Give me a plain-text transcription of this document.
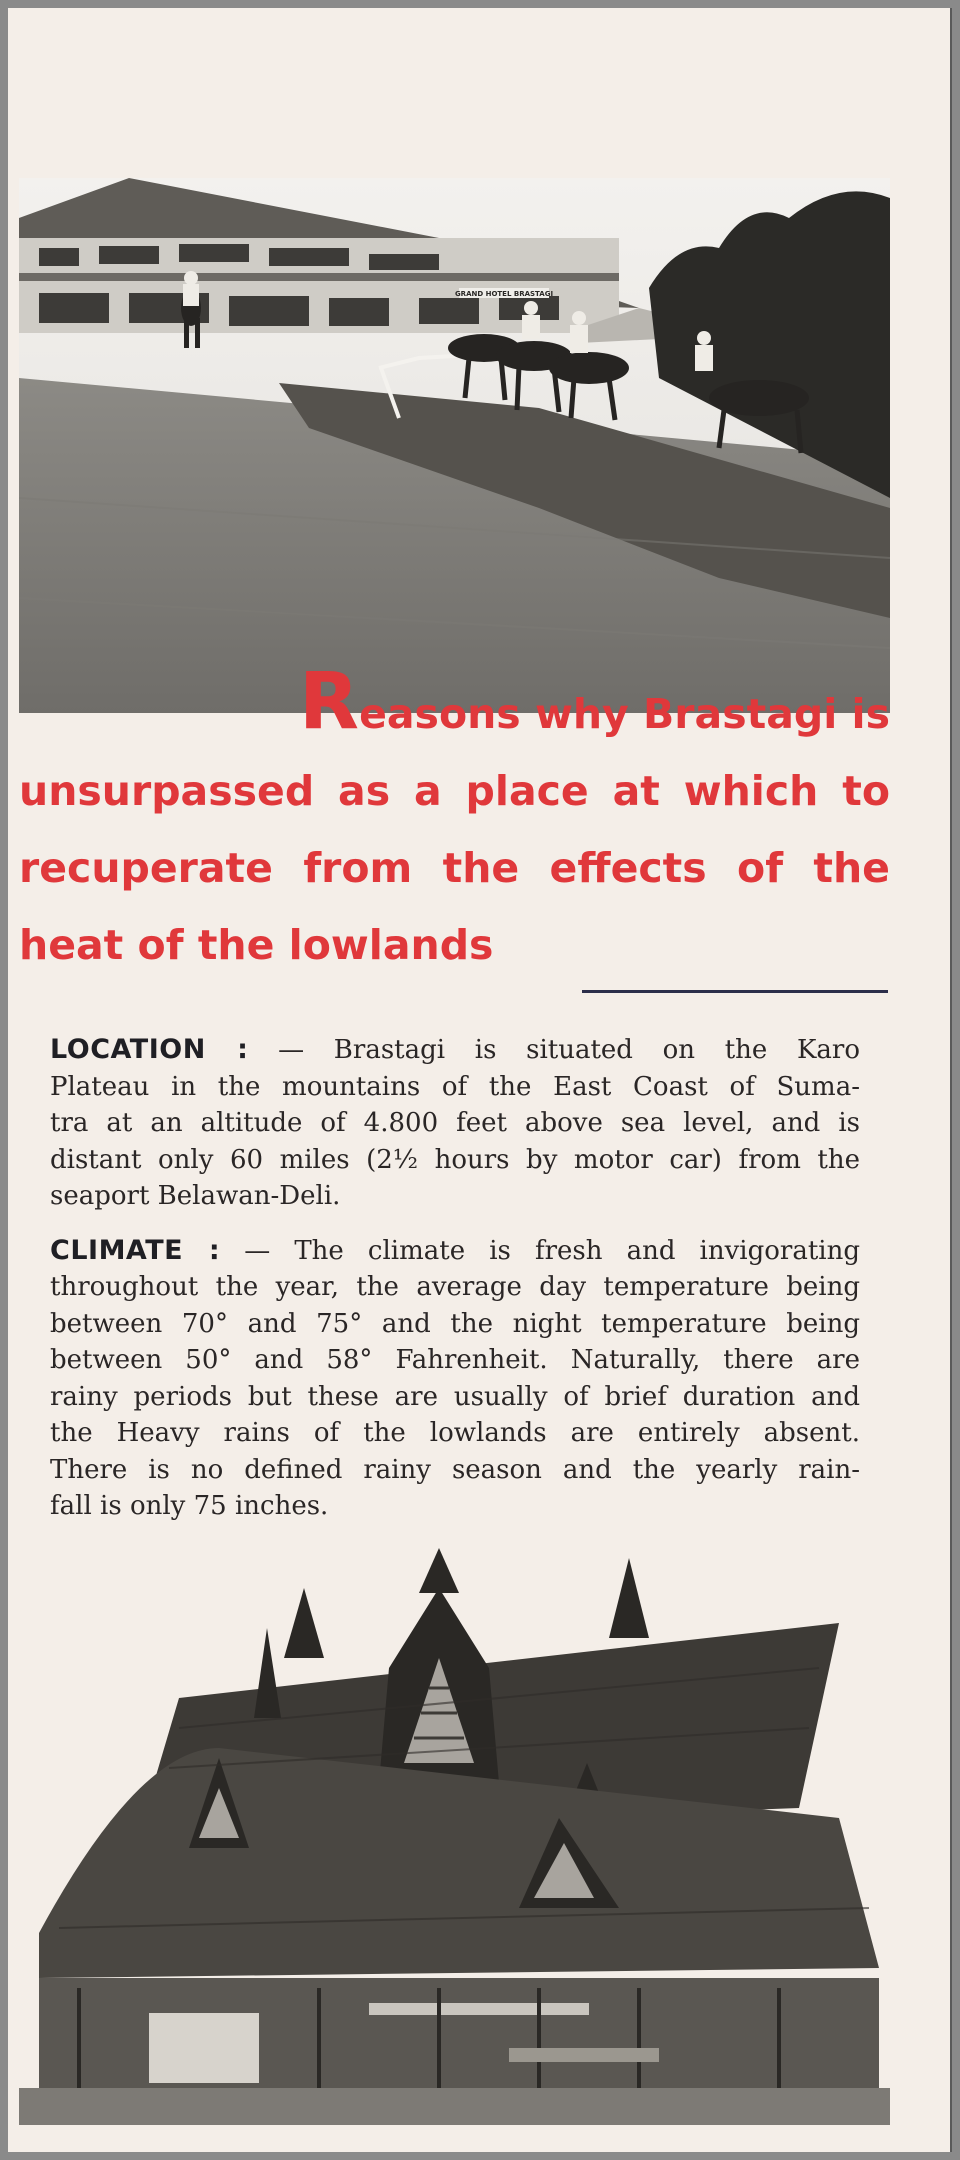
GRAND HOTEL BRASTAGI
Reasons why Brastagi is
unsurpassed as a place at which to
recuperate from the effects of the
heat of the lowlands
LOCATION : — Brastagi is situated on the Karo
Plateau in the mountains of the East Coast of Suma-
tra at an altitude of 4.800 feet above sea level, and is
distant only 60 miles (2½ hours by motor car) from the
seaport Belawan-Deli.
CLIMATE : — The climate is fresh and invigorating
throughout the year, the average day temperature being
between 70° and 75° and the night temperature being
between 50° and 58° Fahrenheit. Naturally, there are
rainy periods but these are usually of brief duration and
the Heavy rains of the lowlands are entirely absent.
There is no defined rainy season and the yearly rain-
fall is only 75 inches.
